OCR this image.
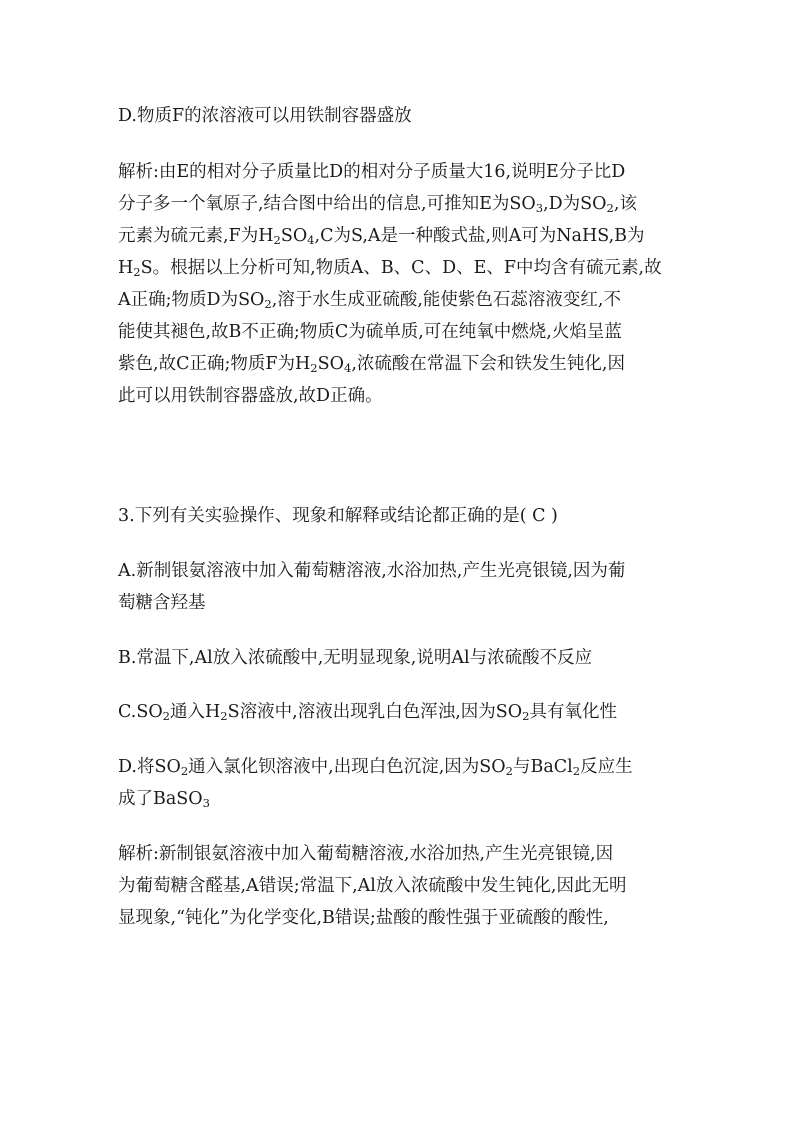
D.物质F的浓溶液可以用铁制容器盛放
解析:由E的相对分子质量比D的相对分子质量大16,说明E分子比D
分子多一个氧原子,结合图中给出的信息,可推知E为$SO_3,D$为$SO_2$,该
元素为硫元素,F为$H_2SO_4,C$为S,A是一种酸式盐,则A可为NaHS,B为
$H_2S$。根据以上分析可知,物质A、B、C、D、E、F中均含有硫元素,故
A正确;物质D为$SO_2$,溶于水生成亚硫酸,能使紫色石蕊溶液变红,不
能使其褪色,故B不正确;物质C为硫单质,可在纯氧中燃烧,火焰呈蓝
紫色,故C正确;物质F为$H_2SO_4$,浓硫酸在常温下会和铁发生钝化,因
此可以用铁制容器盛放,故D正确。
3.下列有关实验操作、现象和解释或结论都正确的是( C )
A.新制银氨溶液中加入葡萄糖溶液,水浴加热,产生光亮银镜,因为葡
萄糖含羟基
B.常温下,Al放入浓硫酸中,无明显现象,说明Al与浓硫酸不反应
$C.SO_2$通入$H_2S$溶液中,溶液出现乳白色浑浊,因为$SO_2$具有氧化性
D.将$SO_2$通入氯化钡溶液中,出现白色沉淀,因为$SO_2$与BaCl$_2$反应生
成了BaSO$_3$
解析:新制银氨溶液中加入葡萄糖溶液,水浴加热,产生光亮银镜,因
为葡萄糖含醛基,A错误;常温下,Al放入浓硫酸中发生钝化,因此无明
显现象,“钝化”为化学变化,B错误;盐酸的酸性强于亚硫酸的酸性,
